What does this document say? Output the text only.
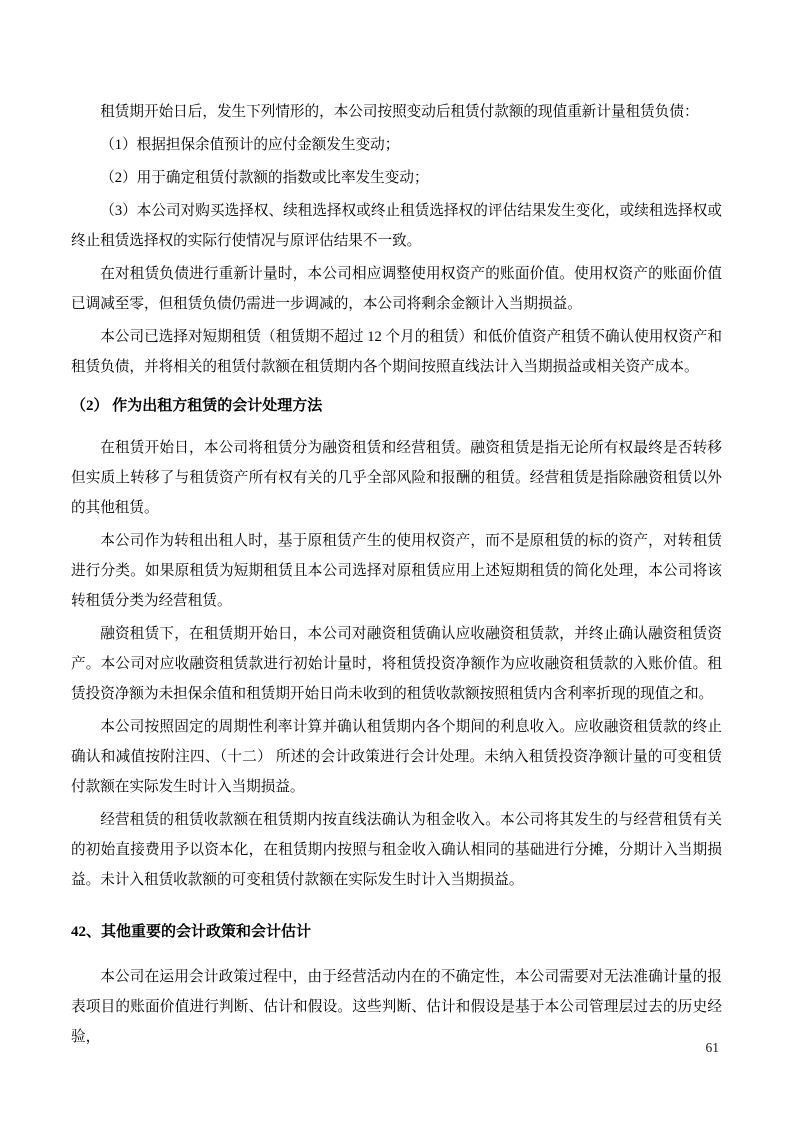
租赁期开始日后，发生下列情形的，本公司按照变动后租赁付款额的现值重新计量租赁负债：

（1）根据担保余值预计的应付金额发生变动；

（2）用于确定租赁付款额的指数或比率发生变动；

（3）本公司对购买选择权、续租选择权或终止租赁选择权的评估结果发生变化，或续租选择权或终止租赁选择权的实际行使情况与原评估结果不一致。

在对租赁负债进行重新计量时，本公司相应调整使用权资产的账面价值。使用权资产的账面价值已调减至零，但租赁负债仍需进一步调减的，本公司将剩余金额计入当期损益。

本公司已选择对短期租赁（租赁期不超过 12 个月的租赁）和低价值资产租赁不确认使用权资产和租赁负债，并将相关的租赁付款额在租赁期内各个期间按照直线法计入当期损益或相关资产成本。

（2） 作为出租方租赁的会计处理方法

在租赁开始日，本公司将租赁分为融资租赁和经营租赁。融资租赁是指无论所有权最终是否转移但实质上转移了与租赁资产所有权有关的几乎全部风险和报酬的租赁。经营租赁是指除融资租赁以外的其他租赁。

本公司作为转租出租人时，基于原租赁产生的使用权资产，而不是原租赁的标的资产，对转租赁进行分类。如果原租赁为短期租赁且本公司选择对原租赁应用上述短期租赁的简化处理，本公司将该转租赁分类为经营租赁。

融资租赁下，在租赁期开始日，本公司对融资租赁确认应收融资租赁款，并终止确认融资租赁资产。本公司对应收融资租赁款进行初始计量时，将租赁投资净额作为应收融资租赁款的入账价值。租赁投资净额为未担保余值和租赁期开始日尚未收到的租赁收款额按照租赁内含利率折现的现值之和。

本公司按照固定的周期性利率计算并确认租赁期内各个期间的利息收入。应收融资租赁款的终止确认和减值按附注四、（十二） 所述的会计政策进行会计处理。未纳入租赁投资净额计量的可变租赁付款额在实际发生时计入当期损益。

经营租赁的租赁收款额在租赁期内按直线法确认为租金收入。本公司将其发生的与经营租赁有关的初始直接费用予以资本化，在租赁期内按照与租金收入确认相同的基础进行分摊，分期计入当期损益。未计入租赁收款额的可变租赁付款额在实际发生时计入当期损益。

42、其他重要的会计政策和会计估计

本公司在运用会计政策过程中，由于经营活动内在的不确定性，本公司需要对无法准确计量的报表项目的账面价值进行判断、估计和假设。这些判断、估计和假设是基于本公司管理层过去的历史经验，

61
